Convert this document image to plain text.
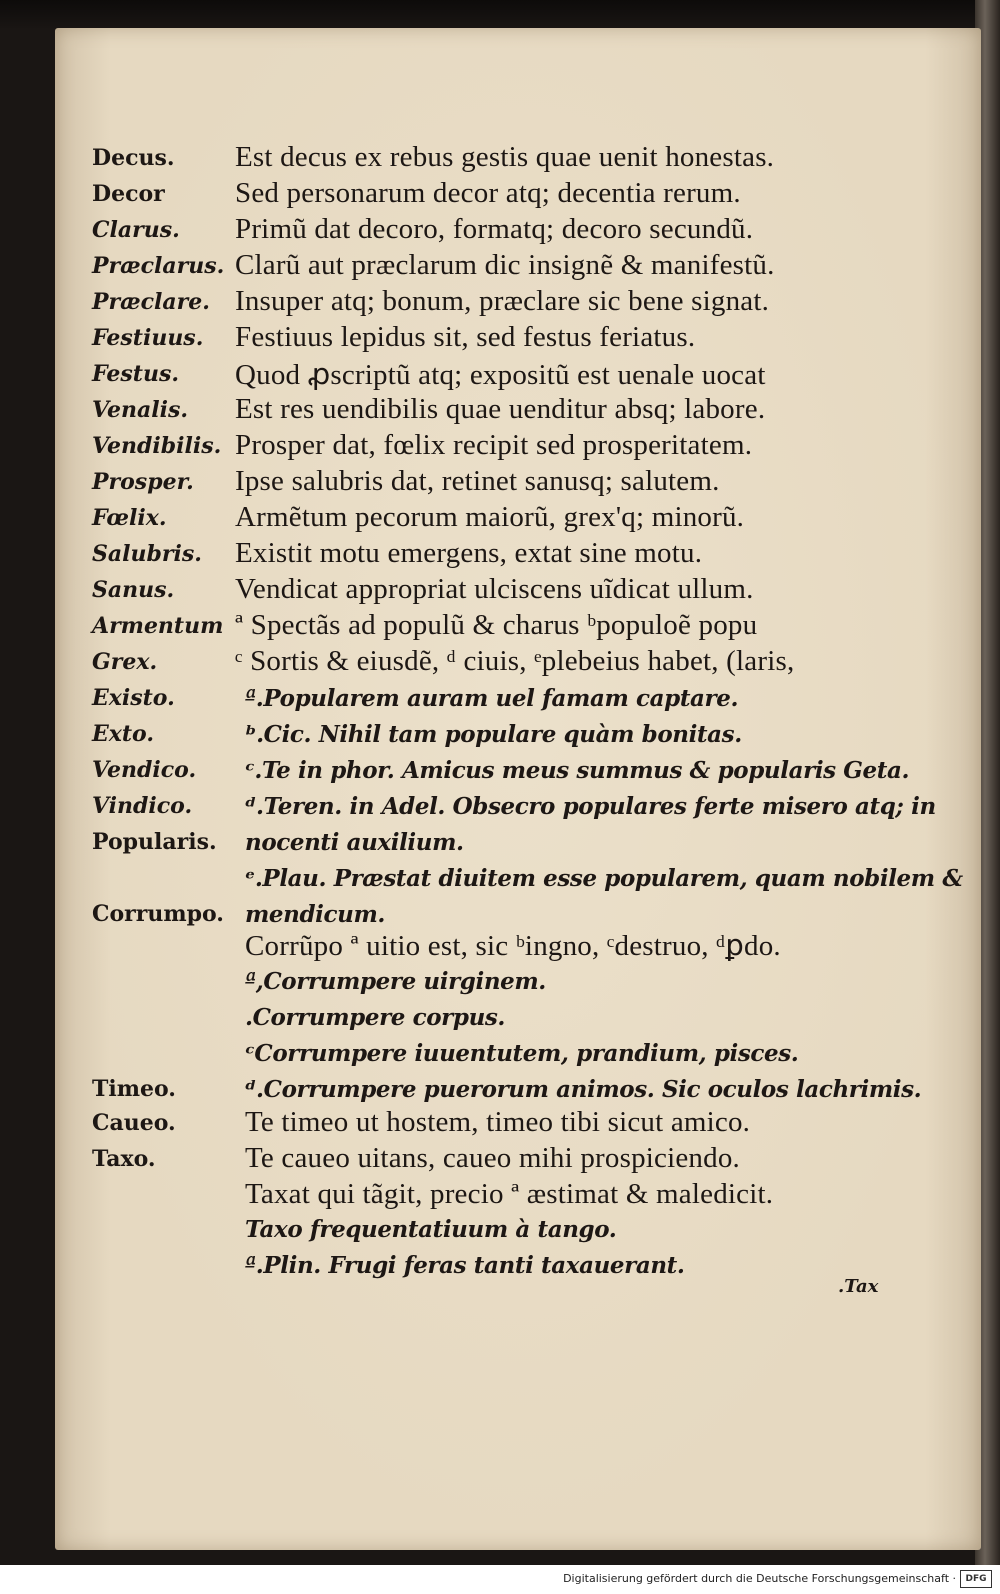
Decus. Est decus ex rebus gestis quae uenit honestas.
Decor Sed personarum decor atq; decentia rerum.
Clarus. Primũ dat decoro, formatq; decoro secundũ.
Præclarus. Clarũ aut præclarum dic insignẽ & manifestũ.
Præclare. Insuper atq; bonum, præclare sic bene signat.
Festiuus. Festiuus lepidus sit, sed festus feriatus.
Festus. Quod ꝓscriptũ atq; expositũ est uenale uocat
Venalis. Est res uendibilis quae uenditur absq; labore.
Vendibilis. Prosper dat, fœlix recipit sed prosperitatem.
Prosper. Ipse salubris dat, retinet sanusq; salutem.
Fœlix. Armẽtum pecorum maiorũ, grex'q; minorũ.
Salubris. Existit motu emergens, extat sine motu.
Sanus. Vendicat appropriat ulciscens uĩdicat ullum.
Armentum ª Spectãs ad populũ & charus ᵇpopuloẽ popu
Grex.	ᶜ Sortis & eiusdẽ, ᵈ ciuis, ᵉplebeius habet, (laris,
Existo.	ª.Popularem auram uel famam captare.
Exto.	ᵇ.Cic. Nihil tam populare quàm bonitas.
Vendico. ᶜ.Te in phor. Amicus meus summus & popularis Geta.
Vindico. ᵈ.Teren. in Adel. Obsecro populares ferte misero atq; in
Popularis. nocenti auxilium.
ᵉ.Plau. Præstat diuitem esse popularem, quam nobilem &
Corrumpo. mendicum.
Corrũpo ª uitio est, sic ᵇingno, ᶜdestruo, ᵈꝑdo.
ª,Corrumpere uirginem.
.Corrumpere corpus.
ᶜCorrumpere iuuentutem, prandium, pisces.
Timeo.	ᵈ.Corrumpere puerorum animos. Sic oculos lachrimis.
Caueo. Te timeo ut hostem, timeo tibi sicut amico.
Taxo.	Te caueo uitans, caueo mihi prospiciendo.
Taxat qui tãgit, precio ª æstimat & maledicit.
Taxo frequentatiuum à tango.
ª.Plin. Frugi feras tanti taxauerant.
.Tax
Digitalisierung gefördert durch die Deutsche Forschungsgemeinschaft ·	DFG
